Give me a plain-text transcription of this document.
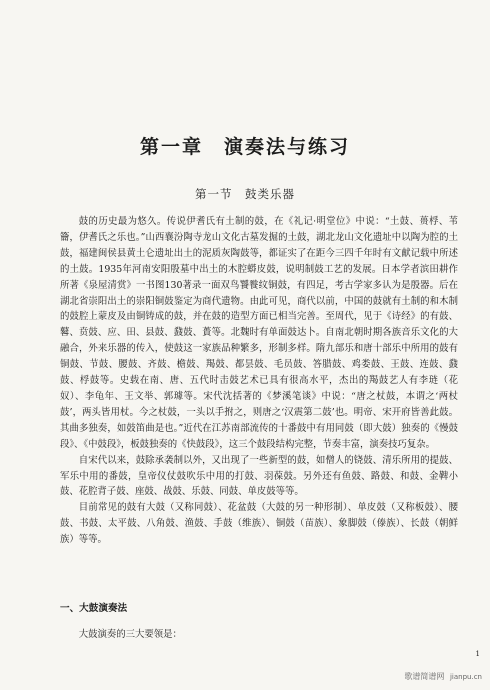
第一章　演奏法与练习
第一节　鼓类乐器

鼓的历史最为悠久。传说伊耆氏有土制的鼓，在《礼记·明堂位》中说：“土鼓、蒉桴、苇籥，伊耆氏之乐也。”山西襄汾陶寺龙山文化古墓发掘的土鼓，湖北龙山文化遗址中以陶为腔的土鼓，福建闽侯县黄土仑遗址出土的泥质灰陶鼓等，都证实了在距今三四千年时有文献记载中所述的土鼓。1935年河南安阳殷墓中出土的木腔蟒皮鼓，说明制鼓工艺的发展。日本学者滨田耕作所著《泉屋清赏》一书图130著录一面双鸟饕餮纹铜鼓，有四足，考古学家多认为是殷器。后在湖北省崇阳出土的崇阳铜鼓鉴定为商代遗物。由此可见，商代以前，中国的鼓就有土制的和木制的鼓腔上蒙皮及由铜铸成的鼓，并在鼓的造型方面已相当完善。至周代，见于《诗经》的有鼓、鼛、贲鼓、应、田、县鼓、鼗鼓、蕢等。北魏时有单面鼓达卜。自南北朝时期各族音乐文化的大融合，外来乐器的传入，使鼓这一家族品种繁多，形制多样。隋九部乐和唐十部乐中所用的鼓有铜鼓、节鼓、腰鼓、齐鼓、檐鼓、羯鼓、都昙鼓、毛员鼓、答腊鼓、鸡娄鼓、王鼓、连鼓、鼗鼓、桴鼓等。史载在南、唐、五代时击鼓艺术已具有很高水平，杰出的羯鼓艺人有李琏（花奴）、李龟年、王文举、郭璩等。宋代沈括著的《梦溪笔谈》中说：“唐之杖鼓，本谓之‘两杖鼓’，两头皆用杖。今之杖鼓，一头以手拊之，则唐之‘汉震第二鼓’也。明帝、宋开府皆善此鼓。其曲多独奏，如鼓笛曲是也。”近代在江苏南部流传的十番鼓中有用同鼓（即大鼓）独奏的《慢鼓段》、《中鼓段》，板鼓独奏的《快鼓段》，这三个鼓段结构完整，节奏丰富，演奏技巧复杂。

自宋代以来，鼓除承袭制以外，又出现了一些新型的鼓，如僧人的铙鼓、清乐所用的提鼓、军乐中用的番鼓，皇帝仪仗鼓吹乐中用的打鼓、羽葆鼓。另外还有鱼鼓、路鼓、和鼓、金鞞小鼓、花腔背子鼓、座鼓、战鼓、乐鼓、同鼓、单皮鼓等等。

目前常见的鼓有大鼓（又称同鼓）、花盆鼓（大鼓的另一种形制）、单皮鼓（又称板鼓）、腰鼓、书鼓、太平鼓、八角鼓、渔鼓、手鼓（维族）、铜鼓（苗族）、象脚鼓（傣族）、长鼓（朝鲜族）等等。

一、大鼓演奏法
大鼓演奏的三大要领是：
1
歌谱简谱网 jianpu.cn
